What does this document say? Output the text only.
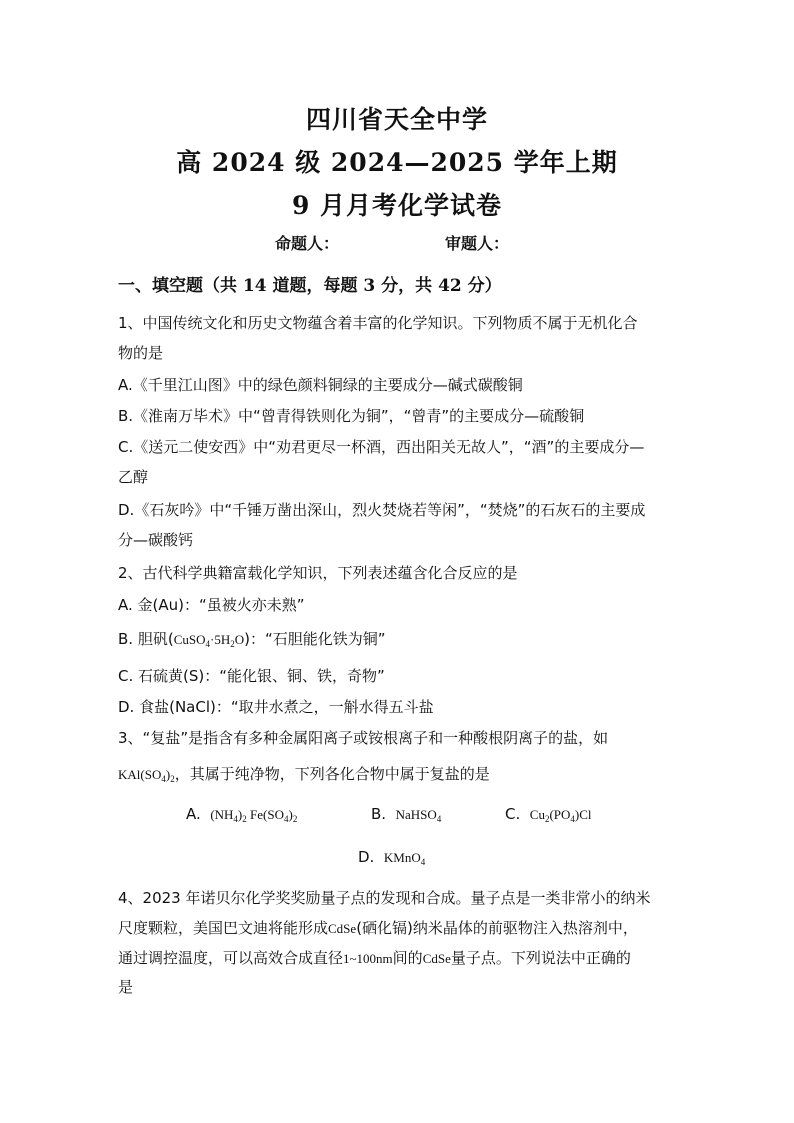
四川省天全中学
高 2024 级 2024—2025 学年上期
9 月月考化学试卷
命题人：	审题人：
一、填空题（共 14 道题，每题 3 分，共 42 分）
1、中国传统文化和历史文物蕴含着丰富的化学知识。下列物质不属于无机化合
物的是
A.《千里江山图》中的绿色颜料铜绿的主要成分—碱式碳酸铜
B.《淮南万毕术》中“曾青得铁则化为铜”，“曾青”的主要成分—硫酸铜
C.《送元二使安西》中“劝君更尽一杯酒，西出阳关无故人”，“酒”的主要成分—
乙醇
D.《石灰吟》中“千锤万凿出深山，烈火焚烧若等闲”，“焚烧”的石灰石的主要成
分—碳酸钙
2、古代科学典籍富载化学知识，下列表述蕴含化合反应的是
A. 金(Au)：“虽被火亦未熟”
B. 胆矾$(CuSO_4\cdot 5H_2O)$：“石胆能化铁为铜”
C. 石硫黄(S)：“能化银、铜、铁，奇物”
D. 食盐(NaCl)：“取井水煮之，一斛水得五斗盐
3、“复盐”是指含有多种金属阳离子或铵根离子和一种酸根阴离子的盐，如
$KAl(SO_4)_2$，其属于纯净物，下列各化合物中属于复盐的是
A. $(NH_4)_2$ $Fe(SO_4)_2$	B. NaHSO$_4$	C. $Cu_2(PO_4)Cl$
D. KMnO$_4$
4、2023 年诺贝尔化学奖奖励量子点的发现和合成。量子点是一类非常小的纳米
尺度颗粒，美国巴文迪将能形成CdSe(硒化镉)纳米晶体的前驱物注入热溶剂中，
通过调控温度，可以高效合成直径1~100nm间的CdSe量子点。下列说法中正确的
是
